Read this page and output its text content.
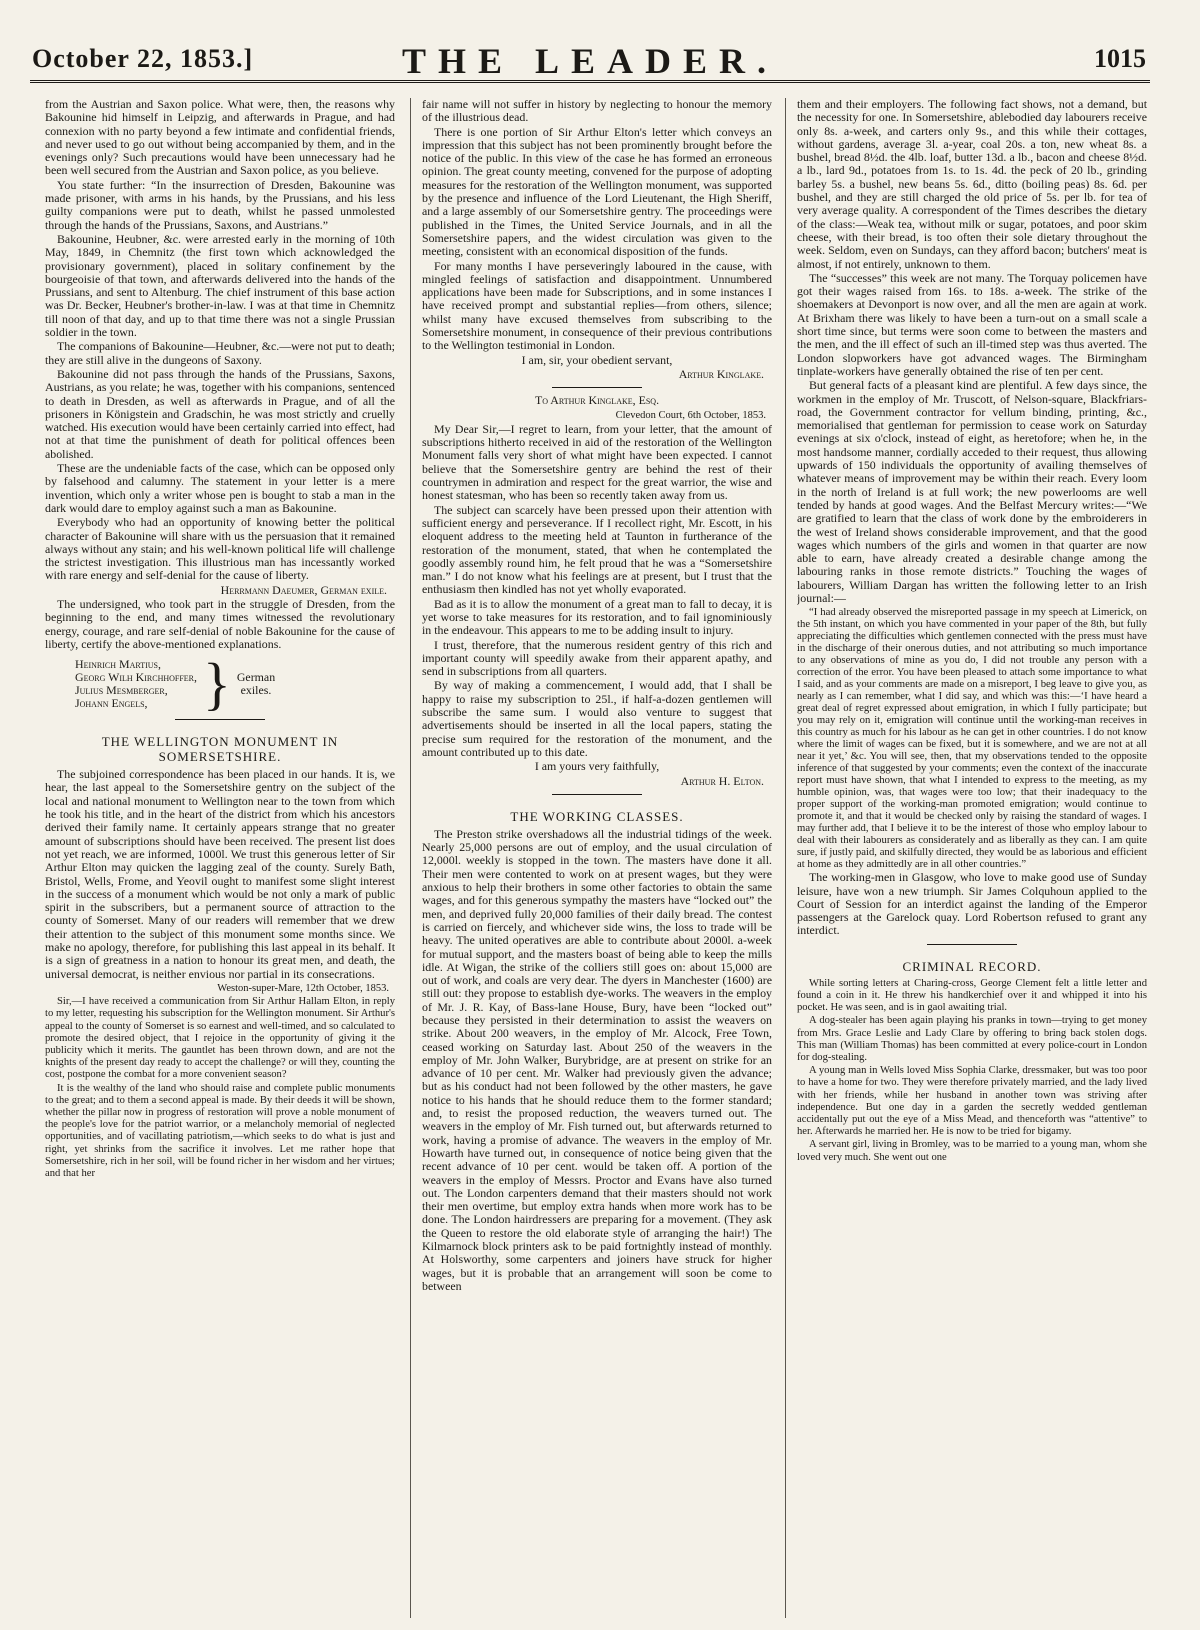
October 22, 1853.]	THE LEADER.	1015

from the Austrian and Saxon police. What were, then, the reasons why Bakounine hid himself in Leipzig, and afterwards in Prague, and had connexion with no party beyond a few intimate and confidential friends, and never used to go out without being accompanied by them, and in the evenings only? Such precautions would have been unnecessary had he been well secured from the Austrian and Saxon police, as you believe.

You state further: “In the insurrection of Dresden, Bakounine was made prisoner, with arms in his hands, by the Prussians, and his less guilty companions were put to death, whilst he passed unmolested through the hands of the Prussians, Saxons, and Austrians.”

Bakounine, Heubner, &c. were arrested early in the morning of 10th May, 1849, in Chemnitz (the first town which acknowledged the provisionary government), placed in solitary confinement by the bourgeoisie of that town, and afterwards delivered into the hands of the Prussians, and sent to Altenburg. The chief instrument of this base action was Dr. Becker, Heubner's brother-in-law. I was at that time in Chemnitz till noon of that day, and up to that time there was not a single Prussian soldier in the town.

The companions of Bakounine—Heubner, &c.—were not put to death; they are still alive in the dungeons of Saxony.

Bakounine did not pass through the hands of the Prussians, Saxons, Austrians, as you relate; he was, together with his companions, sentenced to death in Dresden, as well as afterwards in Prague, and of all the prisoners in Königstein and Gradschin, he was most strictly and cruelly watched. His execution would have been certainly carried into effect, had not at that time the punishment of death for political offences been abolished.

These are the undeniable facts of the case, which can be opposed only by falsehood and calumny. The statement in your letter is a mere invention, which only a writer whose pen is bought to stab a man in the dark would dare to employ against such a man as Bakounine.

Everybody who had an opportunity of knowing better the political character of Bakounine will share with us the persuasion that it remained always without any stain; and his well-known political life will challenge the strictest investigation. This illustrious man has incessantly worked with rare energy and self-denial for the cause of liberty.

Herrmann Daeumer, German exile.

The undersigned, who took part in the struggle of Dresden, from the beginning to the end, and many times witnessed the revolutionary energy, courage, and rare self-denial of noble Bakounine for the cause of liberty, certify the above-mentioned explanations.

Heinrich Martius,
Georg Wilh Kirchhoffer,
Julius Mesmberger,
Johann Engels, } German
exiles.
THE WELLINGTON MONUMENT IN SOMERSETSHIRE.

The subjoined correspondence has been placed in our hands. It is, we hear, the last appeal to the Somersetshire gentry on the subject of the local and national monument to Wellington near to the town from which he took his title, and in the heart of the district from which his ancestors derived their family name. It certainly appears strange that no greater amount of subscriptions should have been received. The present list does not yet reach, we are informed, 1000l. We trust this generous letter of Sir Arthur Elton may quicken the lagging zeal of the county. Surely Bath, Bristol, Wells, Frome, and Yeovil ought to manifest some slight interest in the success of a monument which would be not only a mark of public spirit in the subscribers, but a permanent source of attraction to the county of Somerset. Many of our readers will remember that we drew their attention to the subject of this monument some months since. We make no apology, therefore, for publishing this last appeal in its behalf. It is a sign of greatness in a nation to honour its great men, and death, the universal democrat, is neither envious nor partial in its consecrations.

Weston-super-Mare, 12th October, 1853.

Sir,—I have received a communication from Sir Arthur Hallam Elton, in reply to my letter, requesting his subscription for the Wellington monument. Sir Arthur's appeal to the county of Somerset is so earnest and well-timed, and so calculated to promote the desired object, that I rejoice in the opportunity of giving it the publicity which it merits. The gauntlet has been thrown down, and are not the knights of the present day ready to accept the challenge? or will they, counting the cost, postpone the combat for a more convenient season?

It is the wealthy of the land who should raise and complete public monuments to the great; and to them a second appeal is made. By their deeds it will be shown, whether the pillar now in progress of restoration will prove a noble monument of the people's love for the patriot warrior, or a melancholy memorial of neglected opportunities, and of vacillating patriotism,—which seeks to do what is just and right, yet shrinks from the sacrifice it involves. Let me rather hope that Somersetshire, rich in her soil, will be found richer in her wisdom and her virtues; and that her

fair name will not suffer in history by neglecting to honour the memory of the illustrious dead.

There is one portion of Sir Arthur Elton's letter which conveys an impression that this subject has not been prominently brought before the notice of the public. In this view of the case he has formed an erroneous opinion. The great county meeting, convened for the purpose of adopting measures for the restoration of the Wellington monument, was supported by the presence and influence of the Lord Lieutenant, the High Sheriff, and a large assembly of our Somersetshire gentry. The proceedings were published in the Times, the United Service Journals, and in all the Somersetshire papers, and the widest circulation was given to the meeting, consistent with an economical disposition of the funds.

For many months I have perseveringly laboured in the cause, with mingled feelings of satisfaction and disappointment. Unnumbered applications have been made for Subscriptions, and in some instances I have received prompt and substantial replies—from others, silence; whilst many have excused themselves from subscribing to the Somersetshire monument, in consequence of their previous contributions to the Wellington testimonial in London.

I am, sir, your obedient servant,

Arthur Kinglake.

To Arthur Kinglake, Esq.

Clevedon Court, 6th October, 1853.

My Dear Sir,—I regret to learn, from your letter, that the amount of subscriptions hitherto received in aid of the restoration of the Wellington Monument falls very short of what might have been expected. I cannot believe that the Somersetshire gentry are behind the rest of their countrymen in admiration and respect for the great warrior, the wise and honest statesman, who has been so recently taken away from us.

The subject can scarcely have been pressed upon their attention with sufficient energy and perseverance. If I recollect right, Mr. Escott, in his eloquent address to the meeting held at Taunton in furtherance of the restoration of the monument, stated, that when he contemplated the goodly assembly round him, he felt proud that he was a “Somersetshire man.” I do not know what his feelings are at present, but I trust that the enthusiasm then kindled has not yet wholly evaporated.

Bad as it is to allow the monument of a great man to fall to decay, it is yet worse to take measures for its restoration, and to fail ignominiously in the endeavour. This appears to me to be adding insult to injury.

I trust, therefore, that the numerous resident gentry of this rich and important county will speedily awake from their apparent apathy, and send in subscriptions from all quarters.

By way of making a commencement, I would add, that I shall be happy to raise my subscription to 25l., if half-a-dozen gentlemen will subscribe the same sum. I would also venture to suggest that advertisements should be inserted in all the local papers, stating the precise sum required for the restoration of the monument, and the amount contributed up to this date.

I am yours very faithfully,

Arthur H. Elton.

THE WORKING CLASSES.

The Preston strike overshadows all the industrial tidings of the week. Nearly 25,000 persons are out of employ, and the usual circulation of 12,000l. weekly is stopped in the town. The masters have done it all. Their men were contented to work on at present wages, but they were anxious to help their brothers in some other factories to obtain the same wages, and for this generous sympathy the masters have “locked out” the men, and deprived fully 20,000 families of their daily bread. The contest is carried on fiercely, and whichever side wins, the loss to trade will be heavy. The united operatives are able to contribute about 2000l. a-week for mutual support, and the masters boast of being able to keep the mills idle. At Wigan, the strike of the colliers still goes on: about 15,000 are out of work, and coals are very dear. The dyers in Manchester (1600) are still out: they propose to establish dye-works. The weavers in the employ of Mr. J. R. Kay, of Bass-lane House, Bury, have been “locked out” because they persisted in their determination to assist the weavers on strike. About 200 weavers, in the employ of Mr. Alcock, Free Town, ceased working on Saturday last. About 250 of the weavers in the employ of Mr. John Walker, Burybridge, are at present on strike for an advance of 10 per cent. Mr. Walker had previously given the advance; but as his conduct had not been followed by the other masters, he gave notice to his hands that he should reduce them to the former standard; and, to resist the proposed reduction, the weavers turned out. The weavers in the employ of Mr. Fish turned out, but afterwards returned to work, having a promise of advance. The weavers in the employ of Mr. Howarth have turned out, in consequence of notice being given that the recent advance of 10 per cent. would be taken off. A portion of the weavers in the employ of Messrs. Proctor and Evans have also turned out. The London carpenters demand that their masters should not work their men overtime, but employ extra hands when more work has to be done. The London hairdressers are preparing for a movement. (They ask the Queen to restore the old elaborate style of arranging the hair!) The Kilmarnock block printers ask to be paid fortnightly instead of monthly. At Holsworthy, some carpenters and joiners have struck for higher wages, but it is probable that an arrangement will soon be come to between

them and their employers. The following fact shows, not a demand, but the necessity for one. In Somersetshire, ablebodied day labourers receive only 8s. a-week, and carters only 9s., and this while their cottages, without gardens, average 3l. a-year, coal 20s. a ton, new wheat 8s. a bushel, bread 8½d. the 4lb. loaf, butter 13d. a lb., bacon and cheese 8½d. a lb., lard 9d., potatoes from 1s. to 1s. 4d. the peck of 20 lb., grinding barley 5s. a bushel, new beans 5s. 6d., ditto (boiling peas) 8s. 6d. per bushel, and they are still charged the old price of 5s. per lb. for tea of very average quality. A correspondent of the Times describes the dietary of the class:—Weak tea, without milk or sugar, potatoes, and poor skim cheese, with their bread, is too often their sole dietary throughout the week. Seldom, even on Sundays, can they afford bacon; butchers' meat is almost, if not entirely, unknown to them.

The “successes” this week are not many. The Torquay policemen have got their wages raised from 16s. to 18s. a-week. The strike of the shoemakers at Devonport is now over, and all the men are again at work. At Brixham there was likely to have been a turn-out on a small scale a short time since, but terms were soon come to between the masters and the men, and the ill effect of such an ill-timed step was thus averted. The London slopworkers have got advanced wages. The Birmingham tinplate-workers have generally obtained the rise of ten per cent.

But general facts of a pleasant kind are plentiful. A few days since, the workmen in the employ of Mr. Truscott, of Nelson-square, Blackfriars-road, the Government contractor for vellum binding, printing, &c., memorialised that gentleman for permission to cease work on Saturday evenings at six o'clock, instead of eight, as heretofore; when he, in the most handsome manner, cordially acceded to their request, thus allowing upwards of 150 individuals the opportunity of availing themselves of whatever means of improvement may be within their reach. Every loom in the north of Ireland is at full work; the new powerlooms are well tended by hands at good wages. And the Belfast Mercury writes:—“We are gratified to learn that the class of work done by the embroiderers in the west of Ireland shows considerable improvement, and that the good wages which numbers of the girls and women in that quarter are now able to earn, have already created a desirable change among the labouring ranks in those remote districts.” Touching the wages of labourers, William Dargan has written the following letter to an Irish journal:—

“I had already observed the misreported passage in my speech at Limerick, on the 5th instant, on which you have commented in your paper of the 8th, but fully appreciating the difficulties which gentlemen connected with the press must have in the discharge of their onerous duties, and not attributing so much importance to any observations of mine as you do, I did not trouble any person with a correction of the error. You have been pleased to attach some importance to what I said, and as your comments are made on a misreport, I beg leave to give you, as nearly as I can remember, what I did say, and which was this:—‘I have heard a great deal of regret expressed about emigration, in which I fully participate; but you may rely on it, emigration will continue until the working-man receives in this country as much for his labour as he can get in other countries. I do not know where the limit of wages can be fixed, but it is somewhere, and we are not at all near it yet,’ &c. You will see, then, that my observations tended to the opposite inference of that suggested by your comments; even the context of the inaccurate report must have shown, that what I intended to express to the meeting, as my humble opinion, was, that wages were too low; that their inadequacy to the proper support of the working-man promoted emigration; would continue to promote it, and that it would be checked only by raising the standard of wages. I may further add, that I believe it to be the interest of those who employ labour to deal with their labourers as considerately and as liberally as they can. I am quite sure, if justly paid, and skilfully directed, they would be as laborious and efficient at home as they admittedly are in all other countries.”

The working-men in Glasgow, who love to make good use of Sunday leisure, have won a new triumph. Sir James Colquhoun applied to the Court of Session for an interdict against the landing of the Emperor passengers at the Garelock quay. Lord Robertson refused to grant any interdict.

CRIMINAL RECORD.

While sorting letters at Charing-cross, George Clement felt a little letter and found a coin in it. He threw his handkerchief over it and whipped it into his pocket. He was seen, and is in gaol awaiting trial.

A dog-stealer has been again playing his pranks in town—trying to get money from Mrs. Grace Leslie and Lady Clare by offering to bring back stolen dogs. This man (William Thomas) has been committed at every police-court in London for dog-stealing.

A young man in Wells loved Miss Sophia Clarke, dressmaker, but was too poor to have a home for two. They were therefore privately married, and the lady lived with her friends, while her husband in another town was striving after independence. But one day in a garden the secretly wedded gentleman accidentally put out the eye of a Miss Mead, and thenceforth was “attentive” to her. Afterwards he married her. He is now to be tried for bigamy.

A servant girl, living in Bromley, was to be married to a young man, whom she loved very much. She went out one
